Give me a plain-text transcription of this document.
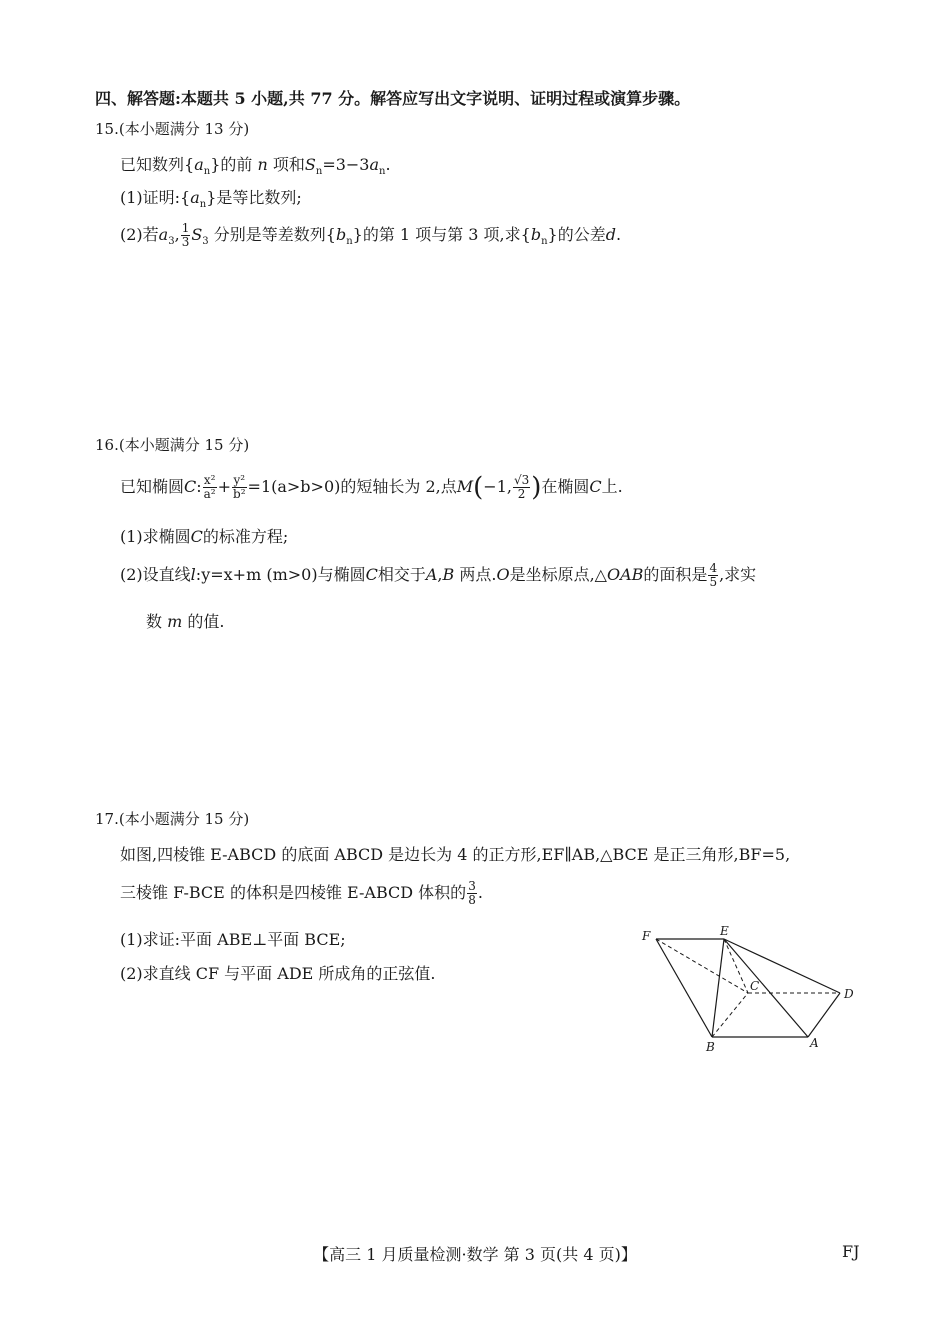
四、解答题:本题共 5 小题,共 77 分。解答应写出文字说明、证明过程或演算步骤。
15.(本小题满分 13 分)
已知数列$\{a_n\}$的前 n 项和$S_n=3-3a_n$.
(1)证明$:\{a_n\}$是等比数列;
(2)若$a_3$, $\frac{1}{3} S_3$ 分别是等差数列$\{b_n\}$的第 1 项与第 3 项,求$\{b_n\}$的公差d.
16.(本小题满分 15 分)
已知椭圆C: $\frac{\text{x²}}{\text{a²}} + \frac{\text{y²}}{\text{b²}} =1(a>b>0)$的短轴长为 2,点M(−1, $\frac{√3}{2}$ )在椭圆C上.
(1)求椭圆C的标准方程;
(2)设直线l:y=x+m (m>0)与椭圆C相交于A,B 两点.O是坐标原点,△OAB的面积是 $\frac{4}{5}$ ,求实
数 m 的值.
17.(本小题满分 15 分)
如图,四棱锥 E-ABCD 的底面 ABCD 是边长为 4 的正方形,EF∥AB,△BCE 是正三角形,BF=5,
三棱锥 F-BCE 的体积是四棱锥 E-ABCD 体积的 $\frac{3}{8}$ .
(1)求证:平面 ABE⊥平面 BCE;
(2)求直线 CF 与平面 ADE 所成角的正弦值.
F	E
C
D
B	A
【高三 1 月质量检测·数学 第 3 页(共 4 页)】	FJ
